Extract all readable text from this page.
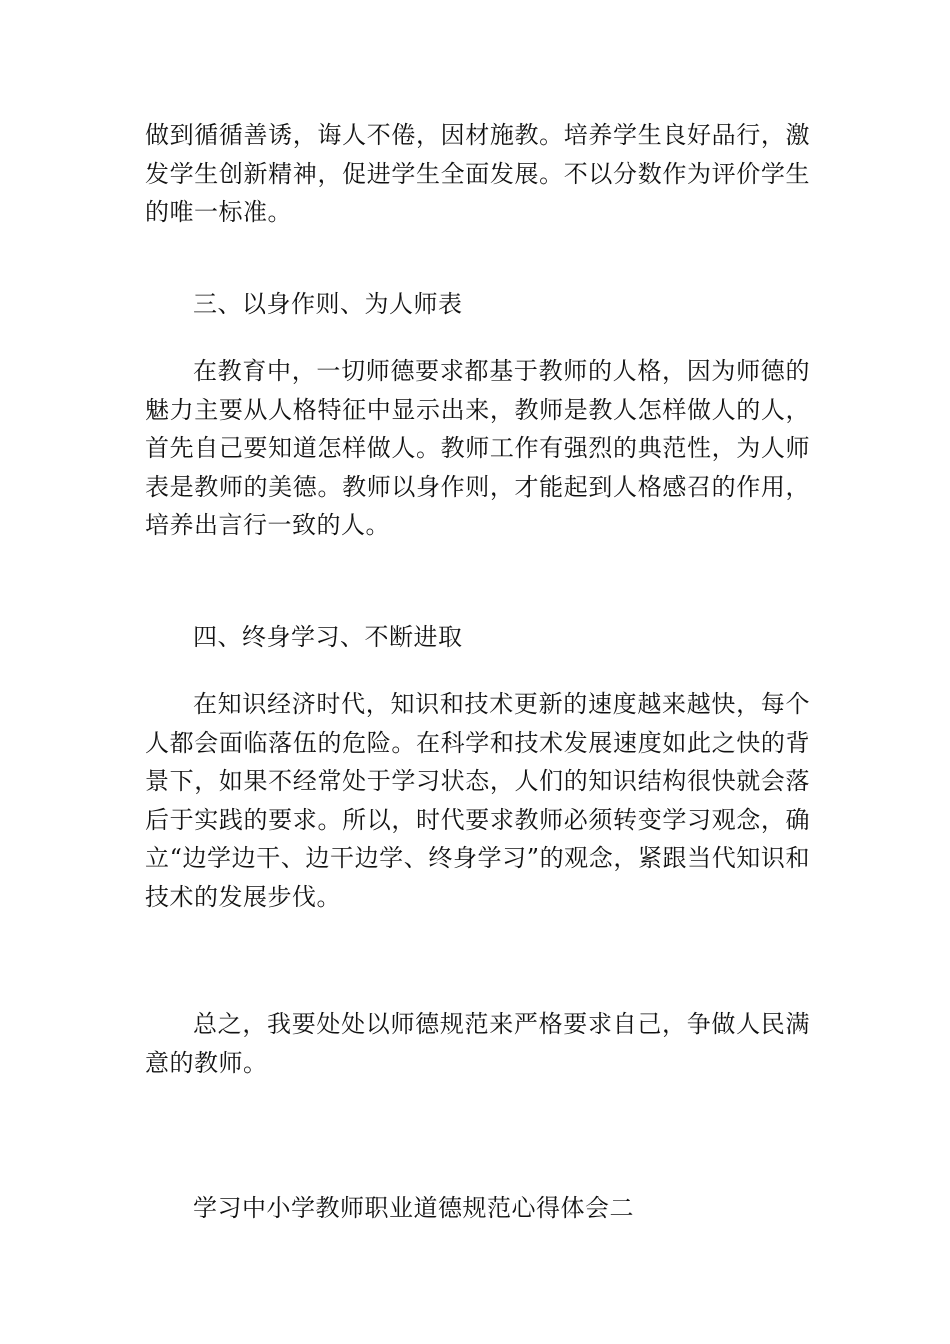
做到循循善诱，诲人不倦，因材施教。培养学生良好品行，激发学生创新精神，促进学生全面发展。不以分数作为评价学生的唯一标准。

三、以身作则、为人师表

在教育中，一切师德要求都基于教师的人格，因为师德的魅力主要从人格特征中显示出来，教师是教人怎样做人的人，首先自己要知道怎样做人。教师工作有强烈的典范性，为人师表是教师的美德。教师以身作则，才能起到人格感召的作用，培养出言行一致的人。

四、终身学习、不断进取

在知识经济时代，知识和技术更新的速度越来越快，每个人都会面临落伍的危险。在科学和技术发展速度如此之快的背景下，如果不经常处于学习状态，人们的知识结构很快就会落后于实践的要求。所以，时代要求教师必须转变学习观念，确立“边学边干、边干边学、终身学习”的观念，紧跟当代知识和技术的发展步伐。

总之，我要处处以师德规范来严格要求自己，争做人民满意的教师。

学习中小学教师职业道德规范心得体会二
